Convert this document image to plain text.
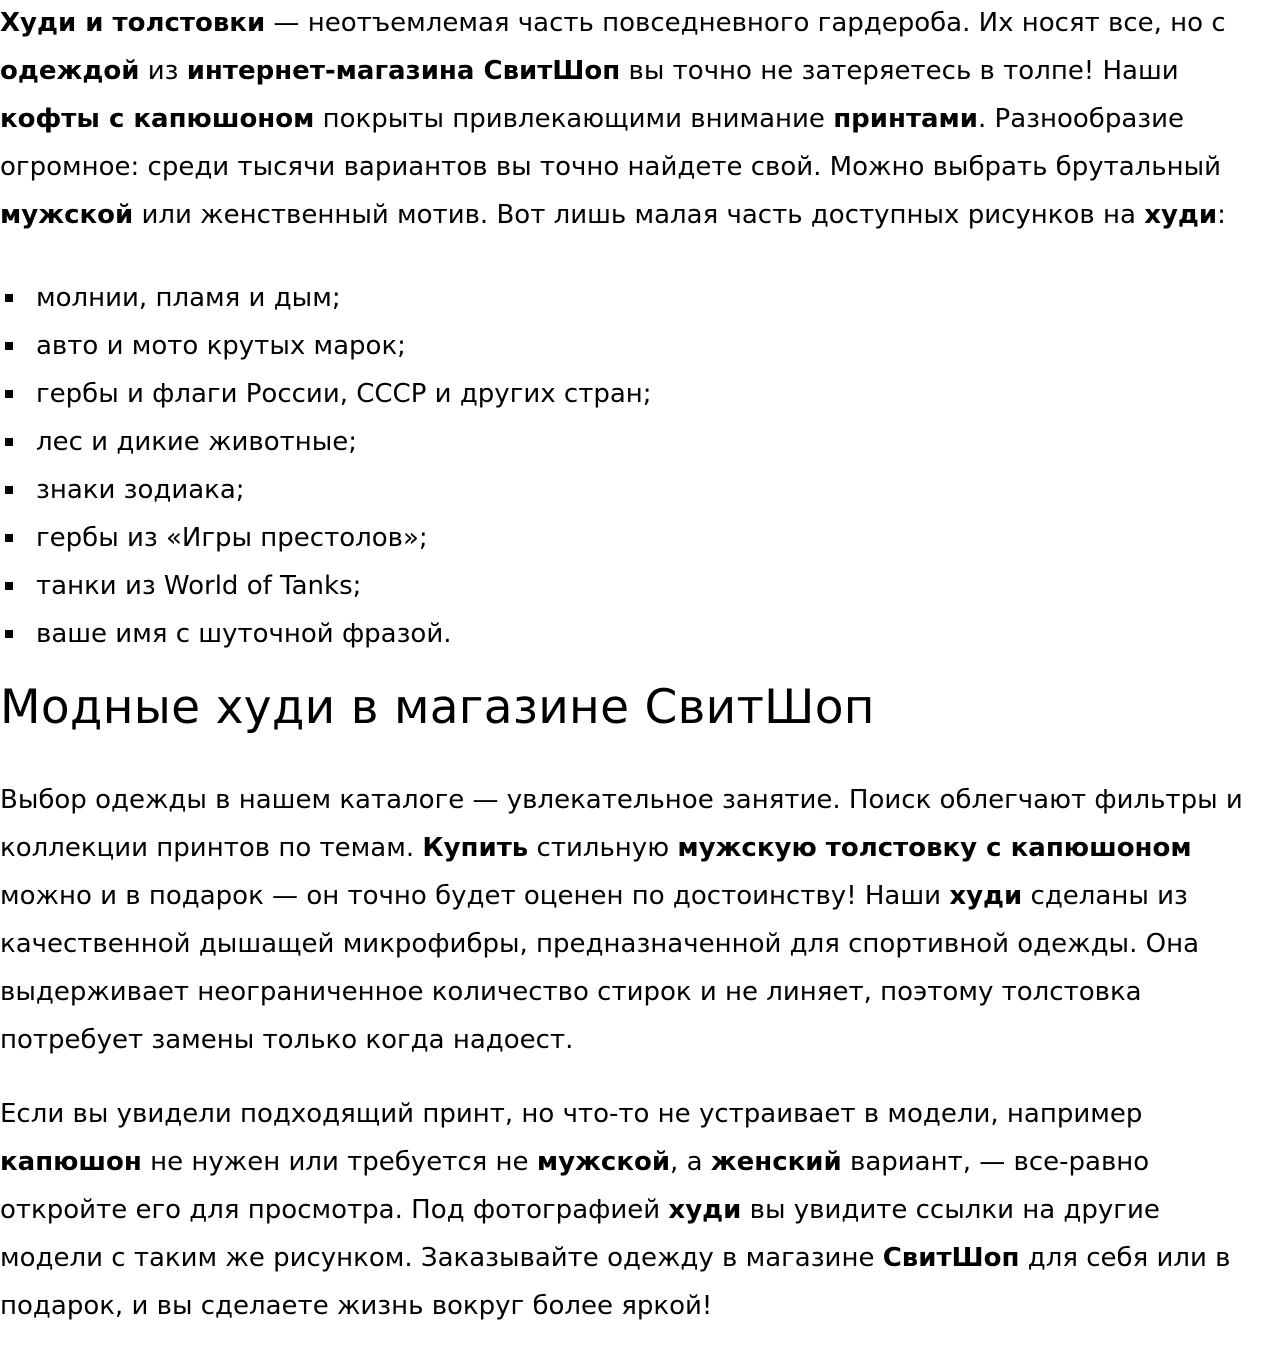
Худи и толстовки — неотъемлемая часть повседневного гардероба. Их носят все, но с одеждой из интернет-магазина СвитШоп вы точно не затеряетесь в толпе! Наши кофты с капюшоном покрыты привлекающими внимание принтами. Разнообразие огромное: среди тысячи вариантов вы точно найдете свой. Можно выбрать брутальный мужской или женственный мотив. Вот лишь малая часть доступных рисунков на худи:

молнии, пламя и дым;
авто и мото крутых марок;
гербы и флаги России, СССР и других стран;
лес и дикие животные;
знаки зодиака;
гербы из «Игры престолов»;
танки из World of Tanks;
ваше имя с шуточной фразой.
Модные худи в магазине СвитШоп

Выбор одежды в нашем каталоге — увлекательное занятие. Поиск облегчают фильтры и коллекции принтов по темам. Купить стильную мужскую толстовку с капюшоном можно и в подарок — он точно будет оценен по достоинству! Наши худи сделаны из качественной дышащей микрофибры, предназначенной для спортивной одежды. Она выдерживает неограниченное количество стирок и не линяет, поэтому толстовка потребует замены только когда надоест.

Если вы увидели подходящий принт, но что-то не устраивает в модели, например капюшон не нужен или требуется не мужской, а женский вариант, — все-равно откройте его для просмотра. Под фотографией худи вы увидите ссылки на другие модели с таким же рисунком. Заказывайте одежду в магазине СвитШоп для себя или в подарок, и вы сделаете жизнь вокруг более яркой!
